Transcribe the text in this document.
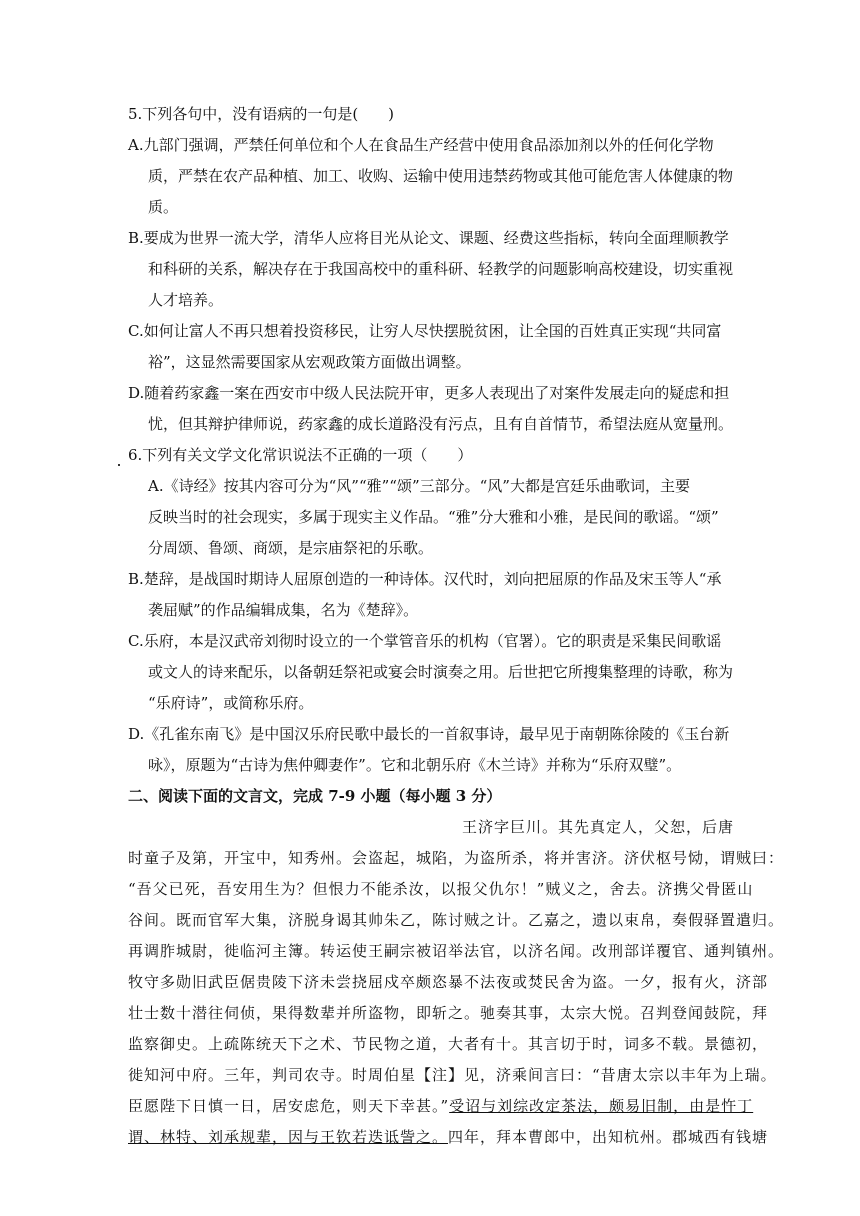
5.下列各句中，没有语病的一句是(　　)
A.九部门强调，严禁任何单位和个人在食品生产经营中使用食品添加剂以外的任何化学物
质，严禁在农产品种植、加工、收购、运输中使用违禁药物或其他可能危害人体健康的物
质。
B.要成为世界一流大学，清华人应将目光从论文、课题、经费这些指标，转向全面理顺教学
和科研的关系，解决存在于我国高校中的重科研、轻教学的问题影响高校建设，切实重视
人才培养。
C.如何让富人不再只想着投资移民，让穷人尽快摆脱贫困，让全国的百姓真正实现“共同富
裕”，这显然需要国家从宏观政策方面做出调整。
D.随着药家鑫一案在西安市中级人民法院开审，更多人表现出了对案件发展走向的疑虑和担
忧，但其辩护律师说，药家鑫的成长道路没有污点，且有自首情节，希望法庭从宽量刑。
6.下列有关文学文化常识说法不正确的一项（　　）
A.《诗经》按其内容可分为“风”“雅”“颂”三部分。“风”大都是宫廷乐曲歌词，主要
反映当时的社会现实，多属于现实主义作品。“雅”分大雅和小雅，是民间的歌谣。“颂”
分周颂、鲁颂、商颂，是宗庙祭祀的乐歌。
B.楚辞，是战国时期诗人屈原创造的一种诗体。汉代时，刘向把屈原的作品及宋玉等人“承
袭屈赋”的作品编辑成集，名为《楚辞》。
C.乐府，本是汉武帝刘彻时设立的一个掌管音乐的机构（官署）。它的职责是采集民间歌谣
或文人的诗来配乐，以备朝廷祭祀或宴会时演奏之用。后世把它所搜集整理的诗歌，称为
“乐府诗”，或简称乐府。
D.《孔雀东南飞》是中国汉乐府民歌中最长的一首叙事诗，最早见于南朝陈徐陵的《玉台新
咏》，原题为“古诗为焦仲卿妻作”。它和北朝乐府《木兰诗》并称为“乐府双璧”。
二、阅读下面的文言文，完成 7-9 小题（每小题 3 分）
王济字巨川。其先真定人，父恕，后唐
时童子及第，开宝中，知秀州。会盗起，城陷，为盗所杀，将并害济。济伏枢号恸，谓贼曰：
“吾父已死，吾安用生为？但恨力不能杀汝，以报父仇尔！”贼义之，舍去。济携父骨匿山
谷间。既而官军大集，济脱身谒其帅朱乙，陈讨贼之计。乙嘉之，遗以束帛，奏假驿置遣归。
再调胙城尉，徙临河主簿。转运使王嗣宗被诏举法官，以济名闻。改刑部详覆官、通判镇州。
牧守多勋旧武臣倨贵陵下济未尝挠屈戍卒颇恣暴不法夜或焚民舍为盗。一夕，报有火，济部
壮士数十潜往伺侦，果得数辈并所盗物，即斩之。驰奏其事，太宗大悦。召判登闻鼓院，拜
监察御史。上疏陈统天下之术、节民物之道，大者有十。其言切于时，词多不载。景德初，
徙知河中府。三年，判司农寺。时周伯星【注】见，济乘间言曰：“昔唐太宗以丰年为上瑞。
臣愿陛下日慎一日，居安虑危，则天下幸甚。”受诏与刘综改定茶法，颇易旧制，由是忤丁
谓、林特、刘承规辈，因与王钦若迭诋訾之。四年，拜本曹郎中，出知杭州。郡城西有钱塘
